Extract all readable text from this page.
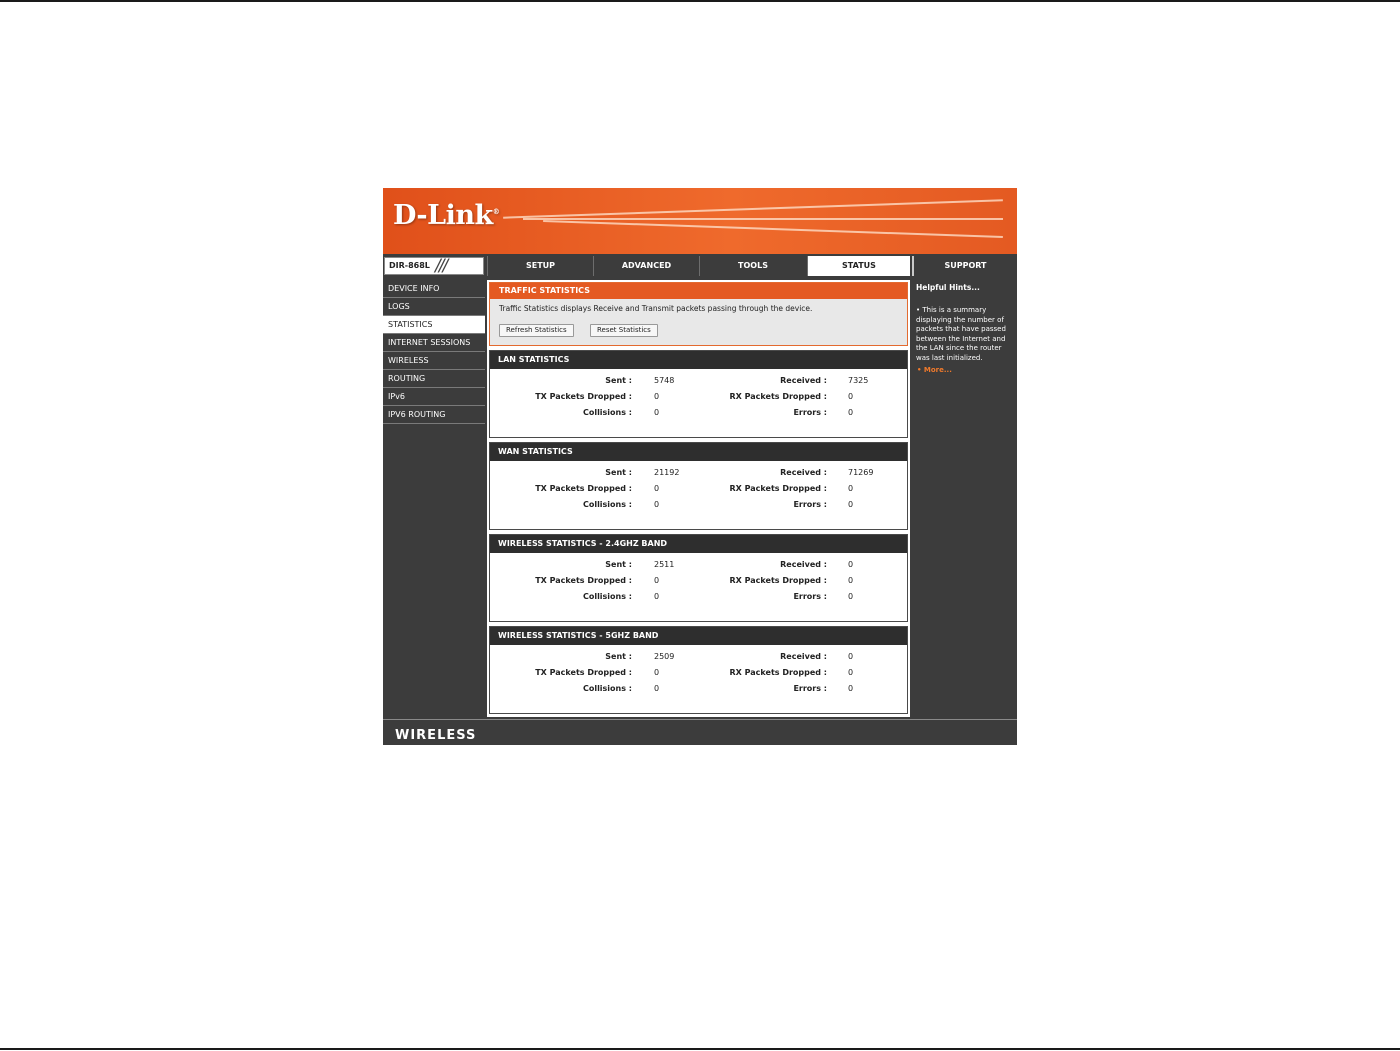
D-Link®
DIR-868L ///	SETUP	ADVANCED	TOOLS	STATUS	SUPPORT
DEVICE INFO
LOGS
STATISTICS
INTERNET SESSIONS
WIRELESS
ROUTING
IPv6
IPV6 ROUTING
TRAFFIC STATISTICS
Traffic Statistics displays Receive and Transmit packets passing through the device.
Refresh Statistics	Reset Statistics
LAN STATISTICS
Sent :	5748	Received :	7325
TX Packets Dropped :	0	RX Packets Dropped :	0
Collisions :	0	Errors :	0
WAN STATISTICS
Sent :	21192	Received :	71269
TX Packets Dropped :	0	RX Packets Dropped :	0
Collisions :	0	Errors :	0
WIRELESS STATISTICS - 2.4GHZ BAND
Sent :	2511	Received :	0
TX Packets Dropped :	0	RX Packets Dropped :	0
Collisions :	0	Errors :	0
WIRELESS STATISTICS - 5GHZ BAND
Sent :	2509	Received :	0
TX Packets Dropped :	0	RX Packets Dropped :	0
Collisions :	0	Errors :	0
Helpful Hints...
• This is a summary displaying the number of packets that have passed between the Internet and the LAN since the router was last initialized.
• More...
WIRELESS
